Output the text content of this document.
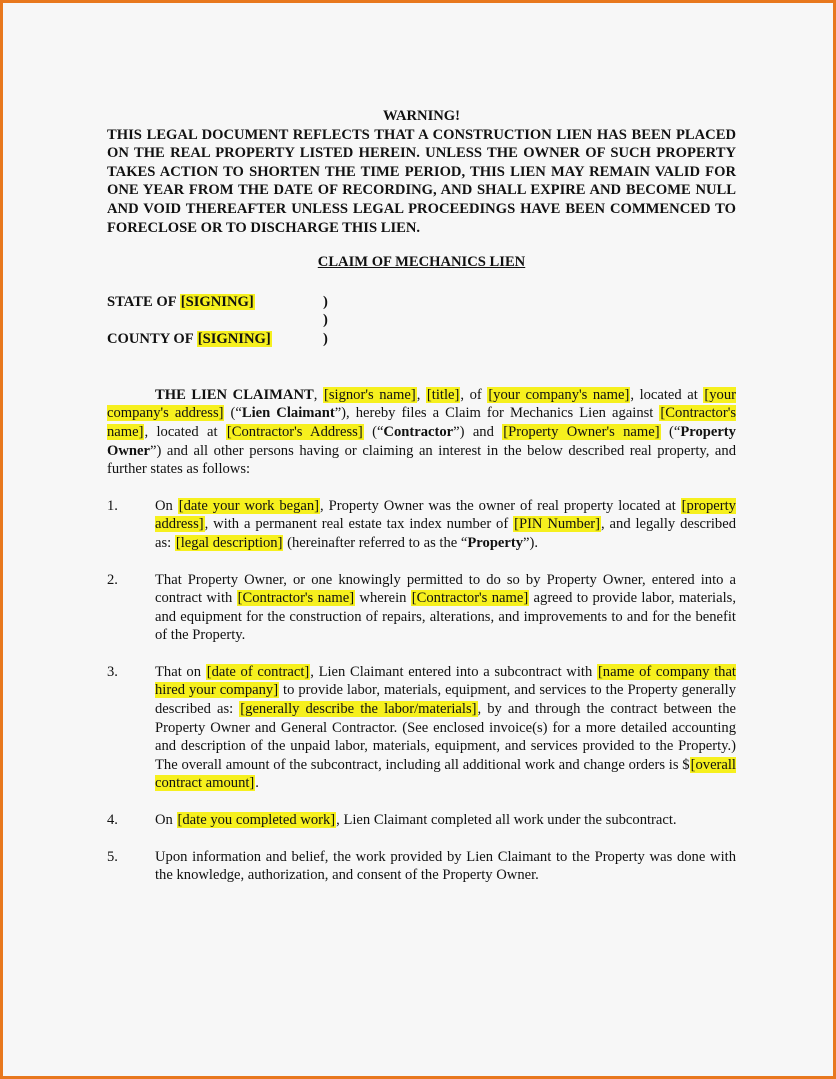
WARNING!
THIS LEGAL DOCUMENT REFLECTS THAT A CONSTRUCTION LIEN HAS BEEN PLACED ON THE REAL PROPERTY LISTED HEREIN. UNLESS THE OWNER OF SUCH PROPERTY TAKES ACTION TO SHORTEN THE TIME PERIOD, THIS LIEN MAY REMAIN VALID FOR ONE YEAR FROM THE DATE OF RECORDING, AND SHALL EXPIRE AND BECOME NULL AND VOID THEREAFTER UNLESS LEGAL PROCEEDINGS HAVE BEEN COMMENCED TO FORECLOSE OR TO DISCHARGE THIS LIEN.
CLAIM OF MECHANICS LIEN
STATE OF [SIGNING]	)
)
COUNTY OF [SIGNING]	)
THE LIEN CLAIMANT, [signor's name], [title], of [your company's name], located at [your company's address] (“Lien Claimant”), hereby files a Claim for Mechanics Lien against [Contractor's name], located at [Contractor's Address] (“Contractor”) and [Property Owner's name] (“Property Owner”) and all other persons having or claiming an interest in the below described real property, and further states as follows:
1.	On [date your work began], Property Owner was the owner of real property located at [property address], with a permanent real estate tax index number of [PIN Number], and legally described as: [legal description] (hereinafter referred to as the “Property”).
2.	That Property Owner, or one knowingly permitted to do so by Property Owner, entered into a contract with [Contractor's name] wherein [Contractor's name] agreed to provide labor, materials, and equipment for the construction of repairs, alterations, and improvements to and for the benefit of the Property.
3.	That on [date of contract], Lien Claimant entered into a subcontract with [name of company that hired your company] to provide labor, materials, equipment, and services to the Property generally described as: [generally describe the labor/materials], by and through the contract between the Property Owner and General Contractor. (See enclosed invoice(s) for a more detailed accounting and description of the unpaid labor, materials, equipment, and services provided to the Property.) The overall amount of the subcontract, including all additional work and change orders is $[overall contract amount].
4.	On [date you completed work], Lien Claimant completed all work under the subcontract.
5.	Upon information and belief, the work provided by Lien Claimant to the Property was done with the knowledge, authorization, and consent of the Property Owner.
